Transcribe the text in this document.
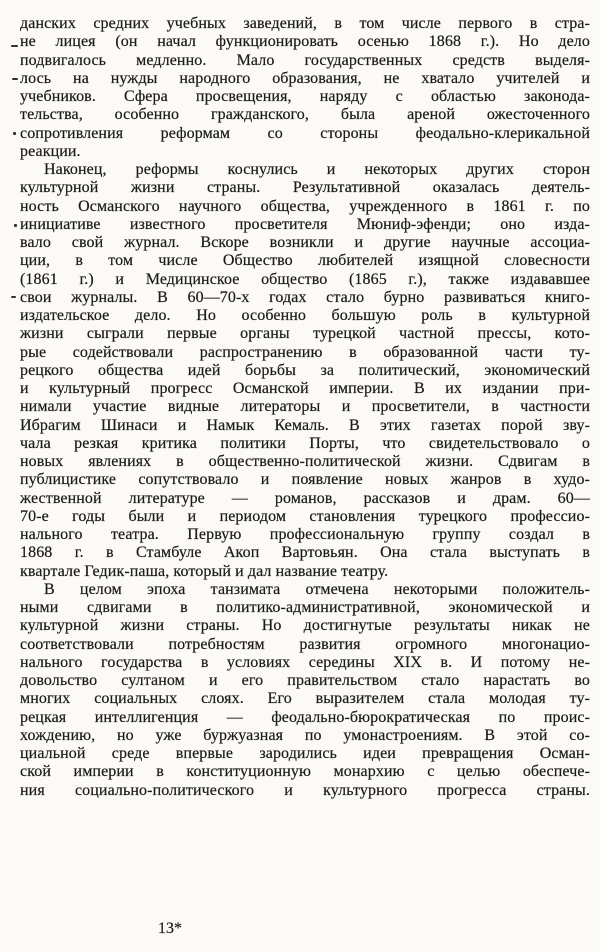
данских средних учебных заведений, в том числе первого в стра-
не лицея (он начал функционировать осенью 1868 г.). Но дело
подвигалось медленно. Мало государственных средств выделя-
лось на нужды народного образования, не хватало учителей и
учебников. Сфера просвещения, наряду с областью законода-
тельства, особенно гражданского, была ареной ожесточенного
сопротивления реформам со стороны феодально-клерикальной
реакции.
Наконец, реформы коснулись и некоторых других сторон
культурной жизни страны. Результативной оказалась деятель-
ность Османского научного общества, учрежденного в 1861 г. по
инициативе известного просветителя Мюниф-эфенди; оно изда-
вало свой журнал. Вскоре возникли и другие научные ассоциа-
ции, в том числе Общество любителей изящной словесности
(1861 г.) и Медицинское общество (1865 г.), также издававшее
свои журналы. В 60—70-х годах стало бурно развиваться книго-
издательское дело. Но особенно большую роль в культурной
жизни сыграли первые органы турецкой частной прессы, кото-
рые содействовали распространению в образованной части ту-
рецкого общества идей борьбы за политический, экономический
и культурный прогресс Османской империи. В их издании при-
нимали участие видные литераторы и просветители, в частности
Ибрагим Шинаси и Намык Кемаль. В этих газетах порой зву-
чала резкая критика политики Порты, что свидетельствовало о
новых явлениях в общественно-политической жизни. Сдвигам в
публицистике сопутствовало и появление новых жанров в худо-
жественной литературе — романов, рассказов и драм. 60—
70-е годы были и периодом становления турецкого профессио-
нального театра. Первую профессиональную группу создал в
1868 г. в Стамбуле Акоп Вартовьян. Она стала выступать в
квартале Гедик-паша, который и дал название театру.
В целом эпоха танзимата отмечена некоторыми положитель-
ными сдвигами в политико-административной, экономической и
культурной жизни страны. Но достигнутые результаты никак не
соответствовали потребностям развития огромного многонацио-
нального государства в условиях середины XIX в. И потому не-
довольство султаном и его правительством стало нарастать во
многих социальных слоях. Его выразителем стала молодая ту-
рецкая интеллигенция — феодально-бюрократическая по проис-
хождению, но уже буржуазная по умонастроениям. В этой со-
циальной среде впервые зародились идеи превращения Осман-
ской империи в конституционную монархию с целью обеспече-
ния социально-политического и культурного прогресса страны.
13*
